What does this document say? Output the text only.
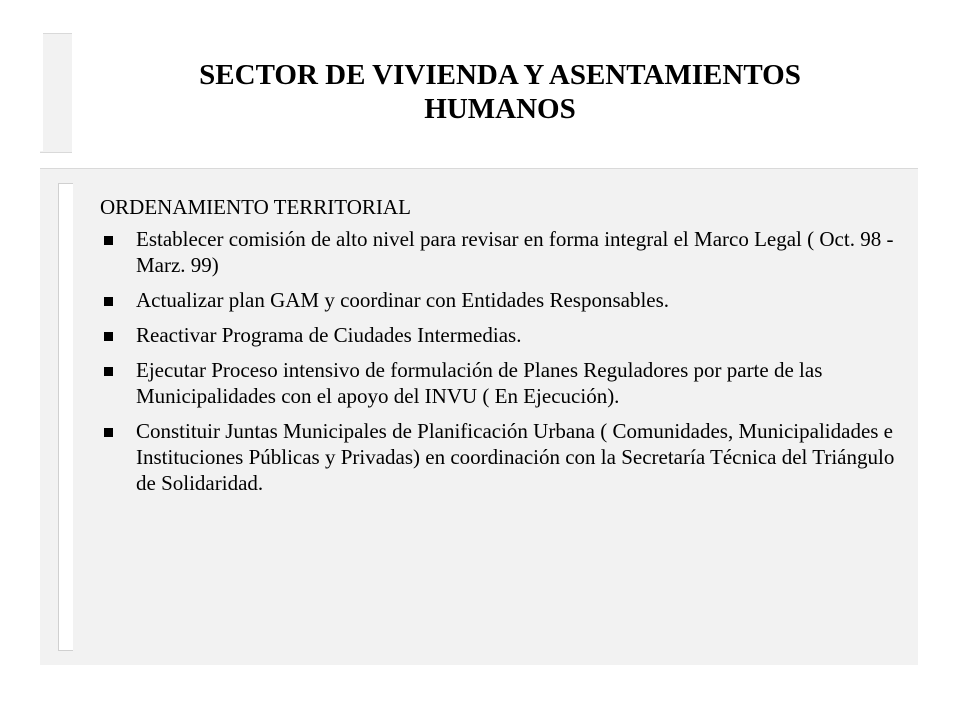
SECTOR DE VIVIENDA Y ASENTAMIENTOS
HUMANOS
ORDENAMIENTO TERRITORIAL
Establecer comisión de alto nivel para revisar en forma integral el Marco Legal ( Oct. 98 - Marz. 99)
Actualizar plan GAM y coordinar con Entidades Responsables.
Reactivar Programa de Ciudades Intermedias.
Ejecutar Proceso intensivo de formulación de Planes Reguladores por parte de las Municipalidades con el apoyo del INVU ( En Ejecución).
Constituir Juntas Municipales de Planificación Urbana ( Comunidades, Municipalidades e Instituciones Públicas y Privadas) en coordinación con la Secretaría Técnica del Triángulo de Solidaridad.
